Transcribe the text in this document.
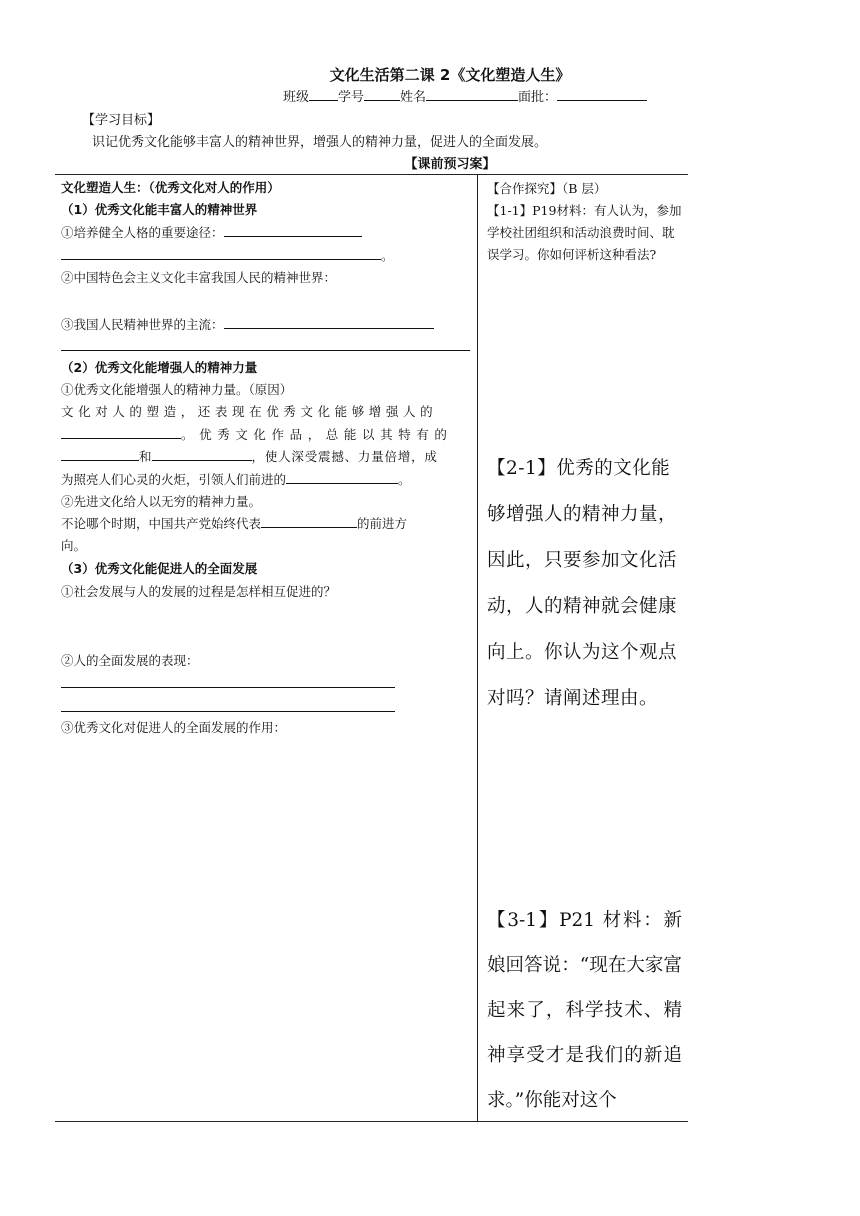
文化生活第二课 2《文化塑造人生》
班级 学号	姓名	面批：
【学习目标】
识记优秀文化能够丰富人的精神世界，增强人的精神力量，促进人的全面发展。
【课前预习案】
文化塑造人生：（优秀文化对人的作用）
（1）优秀文化能丰富人的精神世界
①培养健全人格的重要途径：
。
②中国特色会主义文化丰富我国人民的精神世界：
③我国人民精神世界的主流：
（2）优秀文化能增强人的精神力量
①优秀文化能增强人的精神力量。（原因）
文化对人的塑造，还表现在优秀文化能够增强人的
。优秀文化作品，总能以其特有的
和	，使人深受震撼、力量倍增，成
为照亮人们心灵的火炬，引领人们前进的	。
②先进文化给人以无穷的精神力量。
不论哪个时期，中国共产党始终代表	的前进方
向。
（3）优秀文化能促进人的全面发展
①社会发展与人的发展的过程是怎样相互促进的？
②人的全面发展的表现：
③优秀文化对促进人的全面发展的作用：
【合作探究】（B 层）
【1-1】P19材料：有人认为，参加学校社团组织和活动浪费时间、耽误学习。你如何评析这种看法?
【2-1】优秀的文化能够增强人的精神力量，因此，只要参加文化活动，人的精神就会健康向上。你认为这个观点对吗？请阐述理由。
【3-1】P21 材料：新娘回答说：“现在大家富起来了，科学技术、精神享受才是我们的新追求。”你能对这个
